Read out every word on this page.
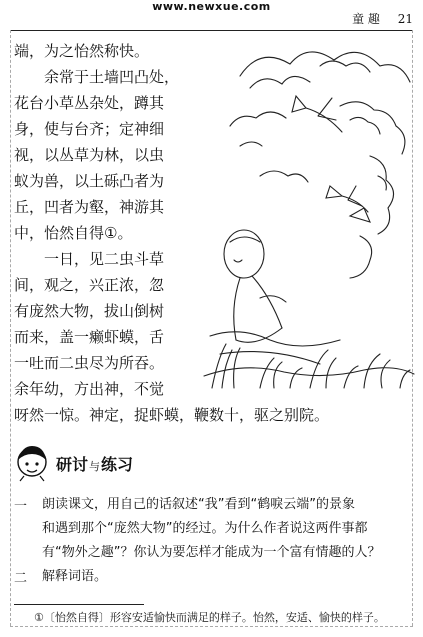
www.newxue.com
童 趣 21
端，为之怡然称快。
余常于土墙凹凸处，
花台小草丛杂处，蹲其
身，使与台齐；定神细
视，以丛草为林，以虫
蚁为兽，以土砾凸者为
丘，凹者为壑，神游其
中，怡然自得①。
一日，见二虫斗草
间，观之，兴正浓，忽
有庞然大物，拔山倒树
而来，盖一癞虾蟆，舌
一吐而二虫尽为所吞。
余年幼，方出神，不觉
呀然一惊。神定，捉虾蟆，鞭数十，驱之别院。
研讨与练习
一 朗读课文，用自己的话叙述“我”看到“鹤唳云端”的景象
和遇到那个“庞然大物”的经过。为什么作者说这两件事都
有“物外之趣”？你认为要怎样才能成为一个富有情趣的人？
二 解释词语。
①〔怡然自得〕形容安适愉快而满足的样子。怡然，安适、愉快的样子。
